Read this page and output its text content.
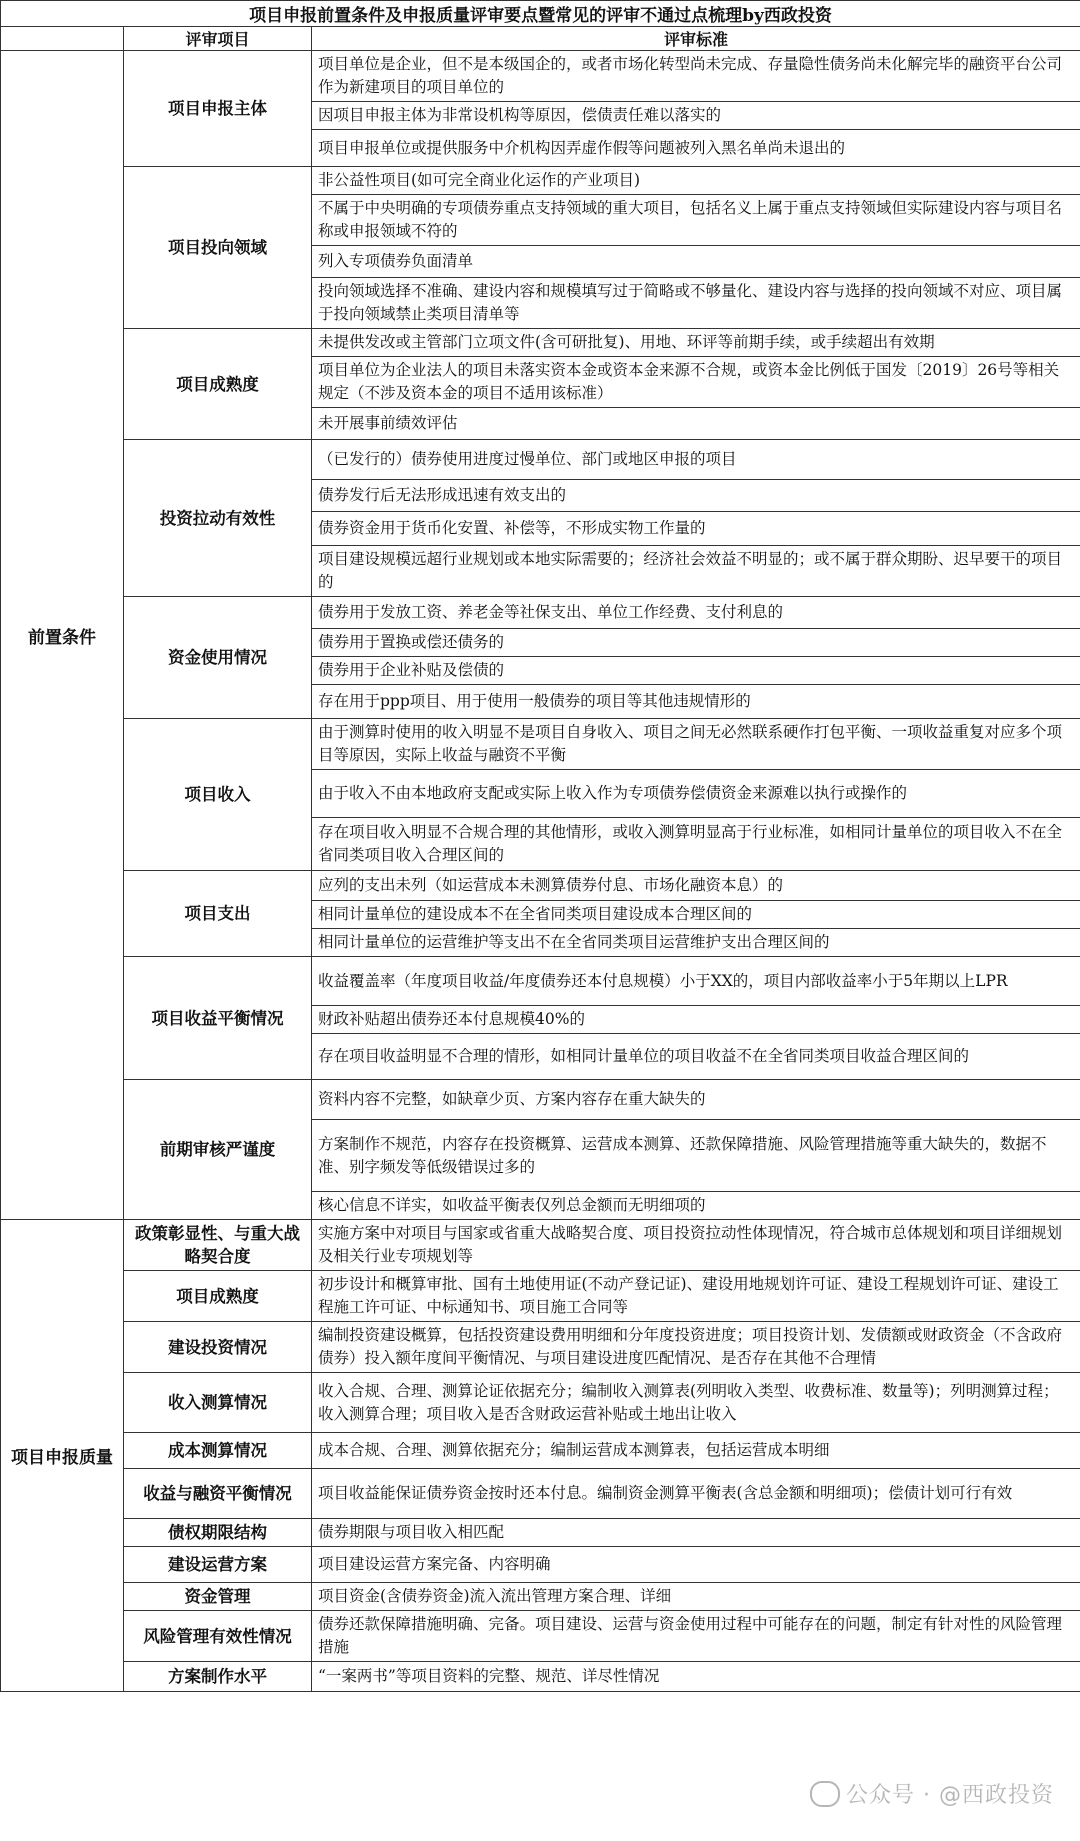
项目申报前置条件及申报质量评审要点暨常见的评审不通过点梳理by西政投资		
	评审项目	评审标准
前置条件	项目申报主体	项目单位是企业，但不是本级国企的，或者市场化转型尚未完成、存量隐性债务尚未化解完毕的融资平台公司作为新建项目的项目单位的
		因项目申报主体为非常设机构等原因，偿债责任难以落实的
		项目申报单位或提供服务中介机构因弄虚作假等问题被列入黑名单尚未退出的
	项目投向领域	非公益性项目(如可完全商业化运作的产业项目)
		不属于中央明确的专项债券重点支持领域的重大项目，包括名义上属于重点支持领域但实际建设内容与项目名称或申报领域不符的
		列入专项债券负面清单
		投向领域选择不准确、建设内容和规模填写过于简略或不够量化、建设内容与选择的投向领域不对应、项目属于投向领域禁止类项目清单等
	项目成熟度	未提供发改或主管部门立项文件(含可研批复)、用地、环评等前期手续，或手续超出有效期
		项目单位为企业法人的项目未落实资本金或资本金来源不合规，或资本金比例低于国发〔2019〕26号等相关规定（不涉及资本金的项目不适用该标准）
		未开展事前绩效评估
	投资拉动有效性	（已发行的）债券使用进度过慢单位、部门或地区申报的项目
		债券发行后无法形成迅速有效支出的
		债券资金用于货币化安置、补偿等，不形成实物工作量的
		项目建设规模远超行业规划或本地实际需要的；经济社会效益不明显的；或不属于群众期盼、迟早要干的项目的
	资金使用情况	债券用于发放工资、养老金等社保支出、单位工作经费、支付利息的
		债券用于置换或偿还债务的
		债券用于企业补贴及偿债的
		存在用于ppp项目、用于使用一般债券的项目等其他违规情形的
	项目收入	由于测算时使用的收入明显不是项目自身收入、项目之间无必然联系硬作打包平衡、一项收益重复对应多个项目等原因，实际上收益与融资不平衡
		由于收入不由本地政府支配或实际上收入作为专项债券偿债资金来源难以执行或操作的
		存在项目收入明显不合规合理的其他情形，或收入测算明显高于行业标准，如相同计量单位的项目收入不在全省同类项目收入合理区间的
	项目支出	应列的支出未列（如运营成本未测算债券付息、市场化融资本息）的
		相同计量单位的建设成本不在全省同类项目建设成本合理区间的
		相同计量单位的运营维护等支出不在全省同类项目运营维护支出合理区间的
	项目收益平衡情况	收益覆盖率（年度项目收益/年度债券还本付息规模）小于XX的，项目内部收益率小于5年期以上LPR
		财政补贴超出债券还本付息规模40%的
		存在项目收益明显不合理的情形，如相同计量单位的项目收益不在全省同类项目收益合理区间的
	前期审核严谨度	资料内容不完整，如缺章少页、方案内容存在重大缺失的
		方案制作不规范，内容存在投资概算、运营成本测算、还款保障措施、风险管理措施等重大缺失的，数据不准、别字频发等低级错误过多的
		核心信息不详实，如收益平衡表仅列总金额而无明细项的
项目申报质量	政策彰显性、与重大战略契合度	实施方案中对项目与国家或省重大战略契合度、项目投资拉动性体现情况，符合城市总体规划和项目详细规划及相关行业专项规划等
	项目成熟度	初步设计和概算审批、国有土地使用证(不动产登记证)、建设用地规划许可证、建设工程规划许可证、建设工程施工许可证、中标通知书、项目施工合同等
	建设投资情况	编制投资建设概算，包括投资建设费用明细和分年度投资进度；项目投资计划、发债额或财政资金（不含政府债券）投入额年度间平衡情况、与项目建设进度匹配情况、是否存在其他不合理情
	收入测算情况	收入合规、合理、测算论证依据充分；编制收入测算表(列明收入类型、收费标准、数量等)；列明测算过程；收入测算合理；项目收入是否含财政运营补贴或土地出让收入
	成本测算情况	成本合规、合理、测算依据充分；编制运营成本测算表，包括运营成本明细
	收益与融资平衡情况	项目收益能保证债券资金按时还本付息。编制资金测算平衡表(含总金额和明细项)；偿债计划可行有效
	债权期限结构	债券期限与项目收入相匹配
	建设运营方案	项目建设运营方案完备、内容明确
	资金管理	项目资金(含债券资金)流入流出管理方案合理、详细
	风险管理有效性情况	债券还款保障措施明确、完备。项目建设、运营与资金使用过程中可能存在的问题，制定有针对性的风险管理措施
	方案制作水平	“一案两书”等项目资料的完整、规范、详尽性情况
公众号 · @西政投资
